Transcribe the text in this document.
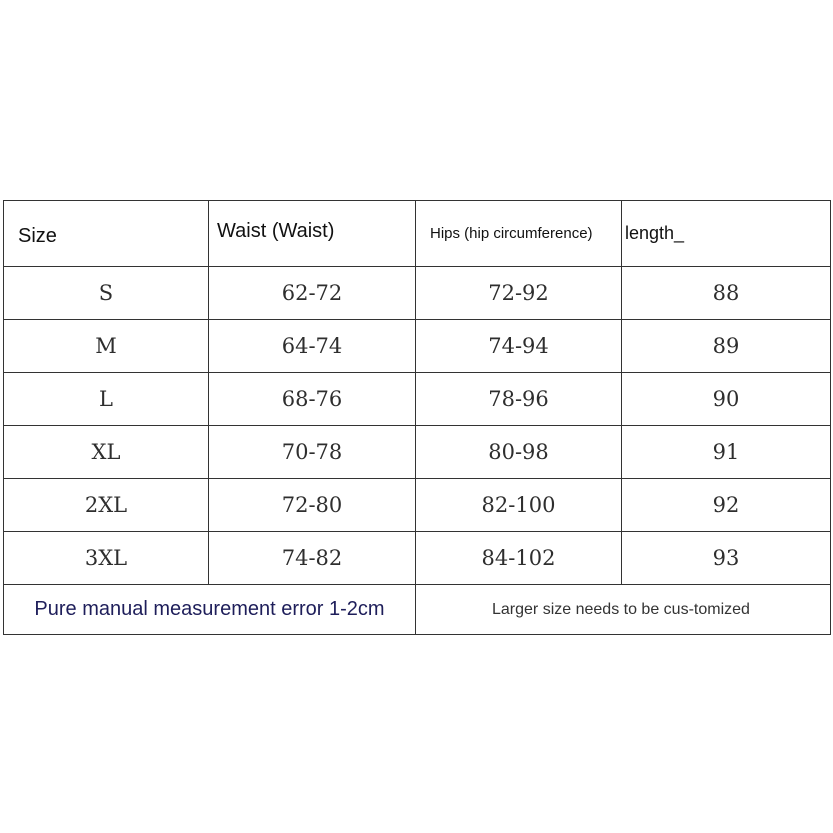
Size	Waist (Waist)	Hips (hip circumference)	length_
S	62-72	72-92	88
M	64-74	74-94	89
L	68-76	78-96	90
XL	70-78	80-98	91
2XL	72-80	82-100	92
3XL	74-82	84-102	93
Pure manual measurement error 1-2cm		Larger size needs to be cus-tomized	
